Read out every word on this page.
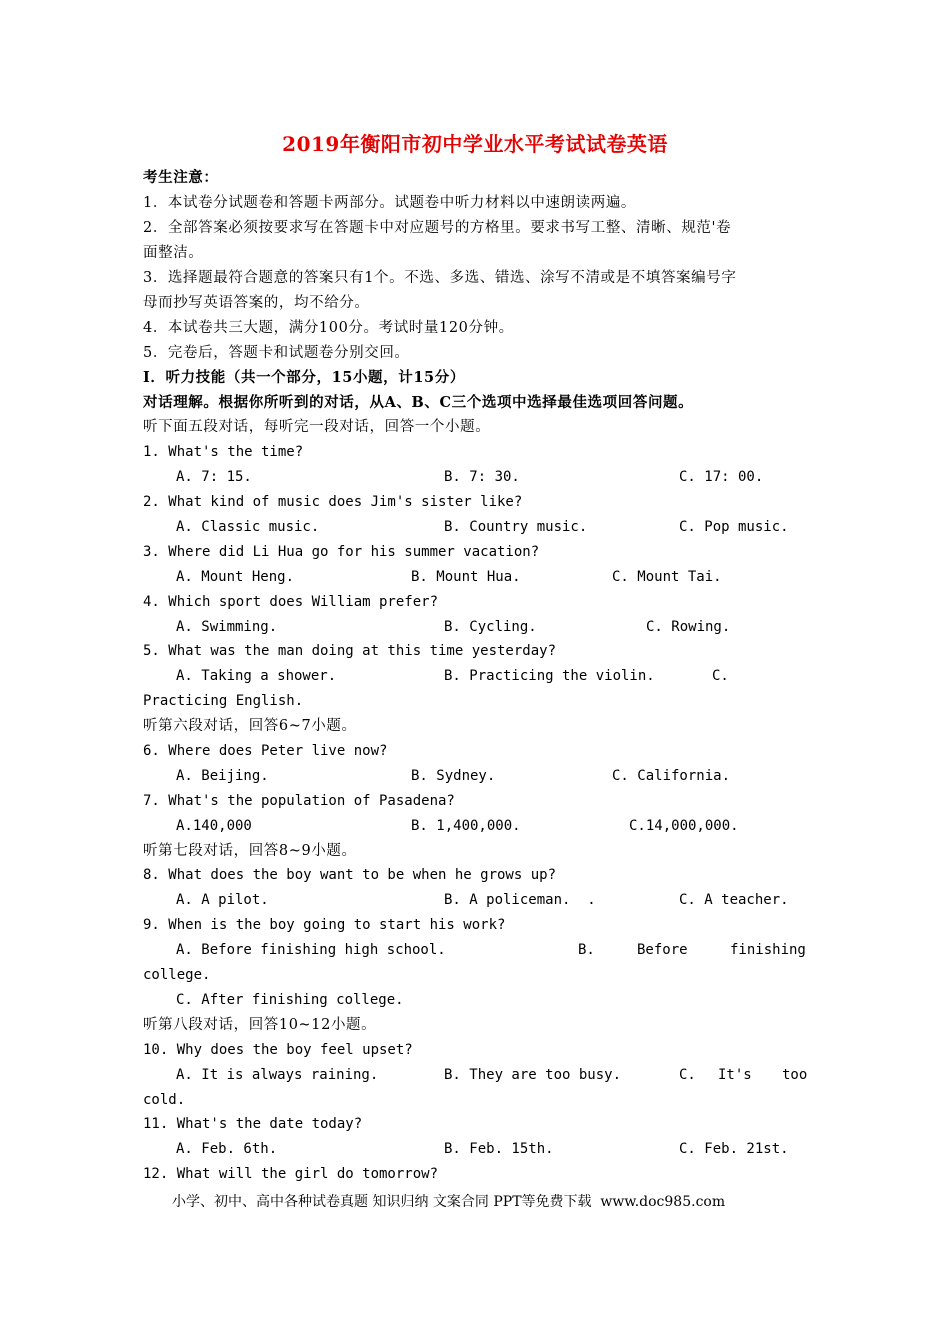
2019年衡阳市初中学业水平考试试卷英语
考生注意：
1．本试卷分试题卷和答题卡两部分。试题卷中听力材料以中速朗读两遍。
2．全部答案必须按要求写在答题卡中对应题号的方格里。要求书写工整、清晰、规范'卷
面整洁。
3．选择题最符合题意的答案只有1个。不选、多选、错选、涂写不清或是不填答案编号字
母而抄写英语答案的，均不给分。
4．本试卷共三大题，满分100分。考试时量120分钟。
5．完卷后，答题卡和试题卷分别交回。
I．听力技能（共一个部分，15小题，计15分）
对话理解。根据你所听到的对话，从A、B、C三个选项中选择最佳选项回答问题。
听下面五段对话，每听完一段对话，回答一个小题。
1. What's the time?
A. 7: 15.	B. 7: 30.	C. 17: 00.
2. What kind of music does Jim's sister like?
A. Classic music.	B. Country music.	C. Pop music.
3. Where did Li Hua go for his summer vacation?
A. Mount Heng.	B. Mount Hua.	C. Mount Tai.
4. Which sport does William prefer?
A. Swimming.	B. Cycling.	C. Rowing.
5. What was the man doing at this time yesterday?
A. Taking a shower.	B. Practicing the violin.	C.
Practicing English.
听第六段对话，回答6~7小题。
6. Where does Peter live now?
A. Beijing.	B. Sydney.	C. California.
7. What's the population of Pasadena?
A.140,000	B. 1,400,000.	C.14,000,000.
听第七段对话，回答8~9小题。
8. What does the boy want to be when he grows up?
A. A pilot.	B. A policeman.  .	C. A teacher.
9. When is the boy going to start his work?
A. Before finishing high school.	B.	Before	finishing
college.
C. After finishing college.
听第八段对话，回答10~12小题。
10. Why does the boy feel upset?
A. It is always raining.	B. They are too busy.	C. It's too
cold.
11. What's the date today?
A. Feb. 6th.	B. Feb. 15th.	C. Feb. 21st.
12. What will the girl do tomorrow?
小学、初中、高中各种试卷真题 知识归纳 文案合同 PPT等免费下载  www.doc985.com
